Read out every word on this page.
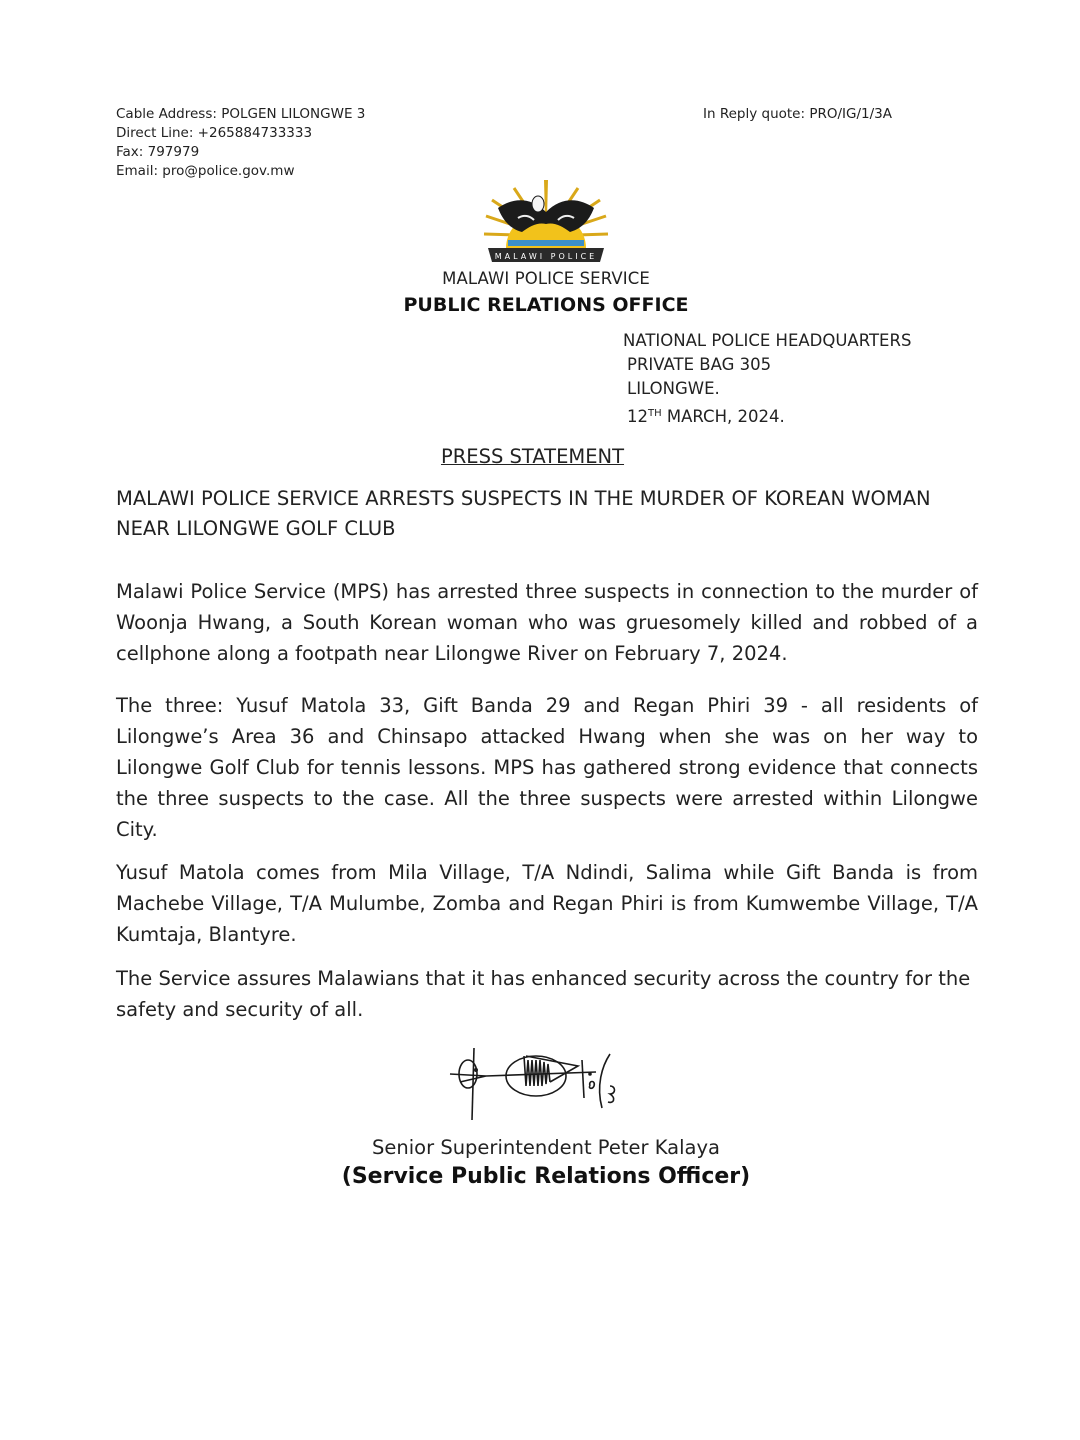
Cable Address: POLGEN LILONGWE 3
Direct Line: +265884733333
Fax: 797979
Email: pro@police.gov.mw
In Reply quote: PRO/IG/1/3A
MALAWI POLICE
MALAWI POLICE SERVICE
PUBLIC RELATIONS OFFICE
NATIONAL POLICE HEADQUARTERS
PRIVATE BAG 305
LILONGWE.
12TH MARCH, 2024.
PRESS STATEMENT
MALAWI POLICE SERVICE ARRESTS SUSPECTS IN THE MURDER OF KOREAN WOMAN NEAR LILONGWE GOLF CLUB

Malawi Police Service (MPS) has arrested three suspects in connection to the murder of Woonja Hwang, a South Korean woman who was gruesomely killed and robbed of a cellphone along a footpath near Lilongwe River on February 7, 2024.

The three: Yusuf Matola 33, Gift Banda 29 and Regan Phiri 39 - all residents of Lilongwe’s Area 36 and Chinsapo attacked Hwang when she was on her way to Lilongwe Golf Club for tennis lessons. MPS has gathered strong evidence that connects the three suspects to the case. All the three suspects were arrested within Lilongwe City.

Yusuf Matola comes from Mila Village, T/A Ndindi, Salima while Gift Banda is from Machebe Village, T/A Mulumbe, Zomba and Regan Phiri is from Kumwembe Village, T/A Kumtaja, Blantyre.

The Service assures Malawians that it has enhanced security across the country for the safety and security of all.

Senior Superintendent Peter Kalaya
(Service Public Relations Officer)
